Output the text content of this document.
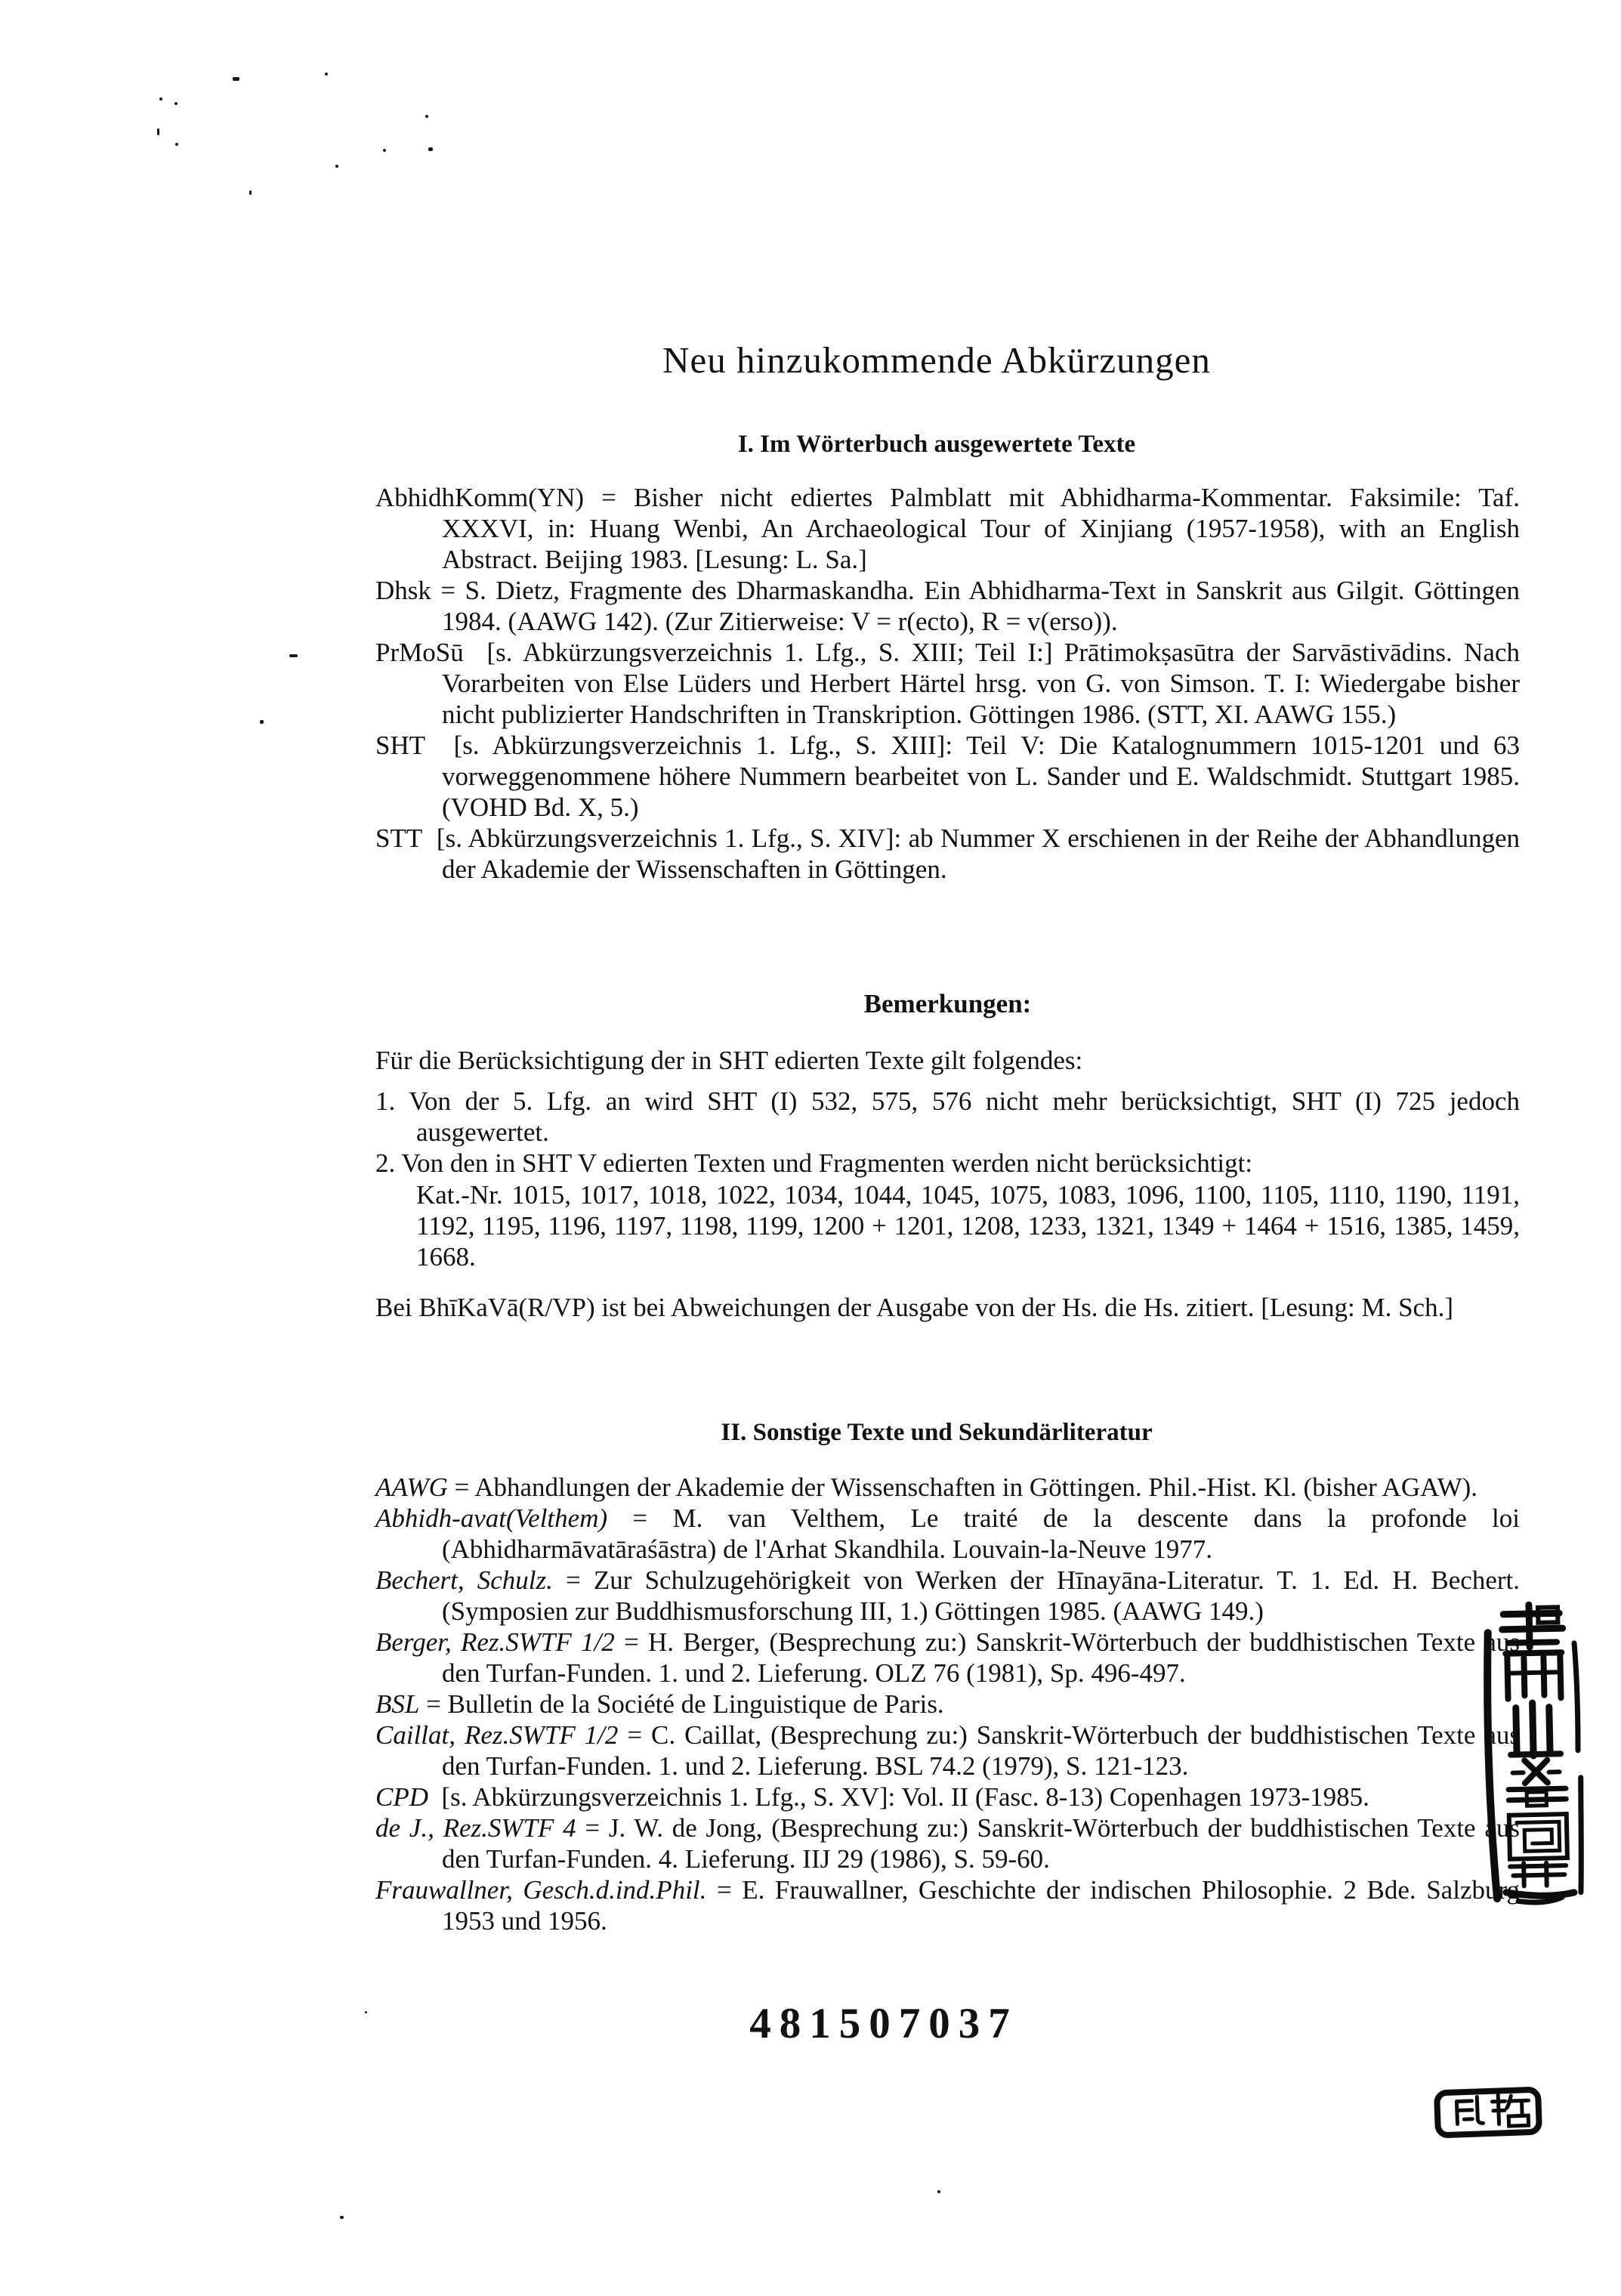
Neu hinzukommende Abkürzungen
I. Im Wörterbuch ausgewertete Texte

AbhidhKomm(YN) = Bisher nicht ediertes Palmblatt mit Abhidharma-Kommentar. Faksimile: Taf. XXXVI, in: Huang Wenbi, An Archaeological Tour of Xinjiang (1957-1958), with an English Abstract. Beijing 1983. [Lesung: L. Sa.]

Dhsk = S. Dietz, Fragmente des Dharmaskandha. Ein Abhidharma-Text in Sanskrit aus Gilgit. Göttingen 1984. (AAWG 142). (Zur Zitierweise: V = r(ecto), R = v(erso)).

PrMoSū [s. Abkürzungsverzeichnis 1. Lfg., S. XIII; Teil I:] Prātimokṣasūtra der Sarvāstivādins. Nach Vorarbeiten von Else Lüders und Herbert Härtel hrsg. von G. von Simson. T. I: Wiedergabe bisher nicht publizierter Handschriften in Transkription. Göttingen 1986. (STT, XI. AAWG 155.)

SHT [s. Abkürzungsverzeichnis 1. Lfg., S. XIII]: Teil V: Die Katalognummern 1015-1201 und 63 vorweggenommene höhere Nummern bearbeitet von L. Sander und E. Waldschmidt. Stuttgart 1985. (VOHD Bd. X, 5.)

STT [s. Abkürzungsverzeichnis 1. Lfg., S. XIV]: ab Nummer X erschienen in der Reihe der Abhandlungen der Akademie der Wissenschaften in Göttingen.

Bemerkungen:

Für die Berücksichtigung der in SHT edierten Texte gilt folgendes:

1. Von der 5. Lfg. an wird SHT (I) 532, 575, 576 nicht mehr berücksichtigt, SHT (I) 725 jedoch ausgewertet.

2. Von den in SHT V edierten Texten und Fragmenten werden nicht berücksichtigt:

Kat.-Nr. 1015, 1017, 1018, 1022, 1034, 1044, 1045, 1075, 1083, 1096, 1100, 1105, 1110, 1190, 1191, 1192, 1195, 1196, 1197, 1198, 1199, 1200 + 1201, 1208, 1233, 1321, 1349 + 1464 + 1516, 1385, 1459, 1668.

Bei BhīKaVā(R/VP) ist bei Abweichungen der Ausgabe von der Hs. die Hs. zitiert. [Lesung: M. Sch.]

II. Sonstige Texte und Sekundärliteratur

AAWG = Abhandlungen der Akademie der Wissenschaften in Göttingen. Phil.-Hist. Kl. (bisher AGAW).

Abhidh-avat(Velthem) = M. van Velthem, Le traité de la descente dans la profonde loi (Abhidharmāvatāraśāstra) de l'Arhat Skandhila. Louvain-la-Neuve 1977.

Bechert, Schulz. = Zur Schulzugehörigkeit von Werken der Hīnayāna-Literatur. T. 1. Ed. H. Bechert. (Symposien zur Buddhismusforschung III, 1.) Göttingen 1985. (AAWG 149.)

Berger, Rez.SWTF 1/2 = H. Berger, (Besprechung zu:) Sanskrit-Wörterbuch der buddhistischen Texte aus den Turfan-Funden. 1. und 2. Lieferung. OLZ 76 (1981), Sp. 496-497.

BSL = Bulletin de la Société de Linguistique de Paris.

Caillat, Rez.SWTF 1/2 = C. Caillat, (Besprechung zu:) Sanskrit-Wörterbuch der buddhistischen Texte aus den Turfan-Funden. 1. und 2. Lieferung. BSL 74.2 (1979), S. 121-123.

CPD [s. Abkürzungsverzeichnis 1. Lfg., S. XV]: Vol. II (Fasc. 8-13) Copenhagen 1973-1985.

de J., Rez.SWTF 4 = J. W. de Jong, (Besprechung zu:) Sanskrit-Wörterbuch der buddhistischen Texte aus den Turfan-Funden. 4. Lieferung. IIJ 29 (1986), S. 59-60.

Frauwallner, Gesch.d.ind.Phil. = E. Frauwallner, Geschichte der indischen Philosophie. 2 Bde. Salzburg 1953 und 1956.

481507037
